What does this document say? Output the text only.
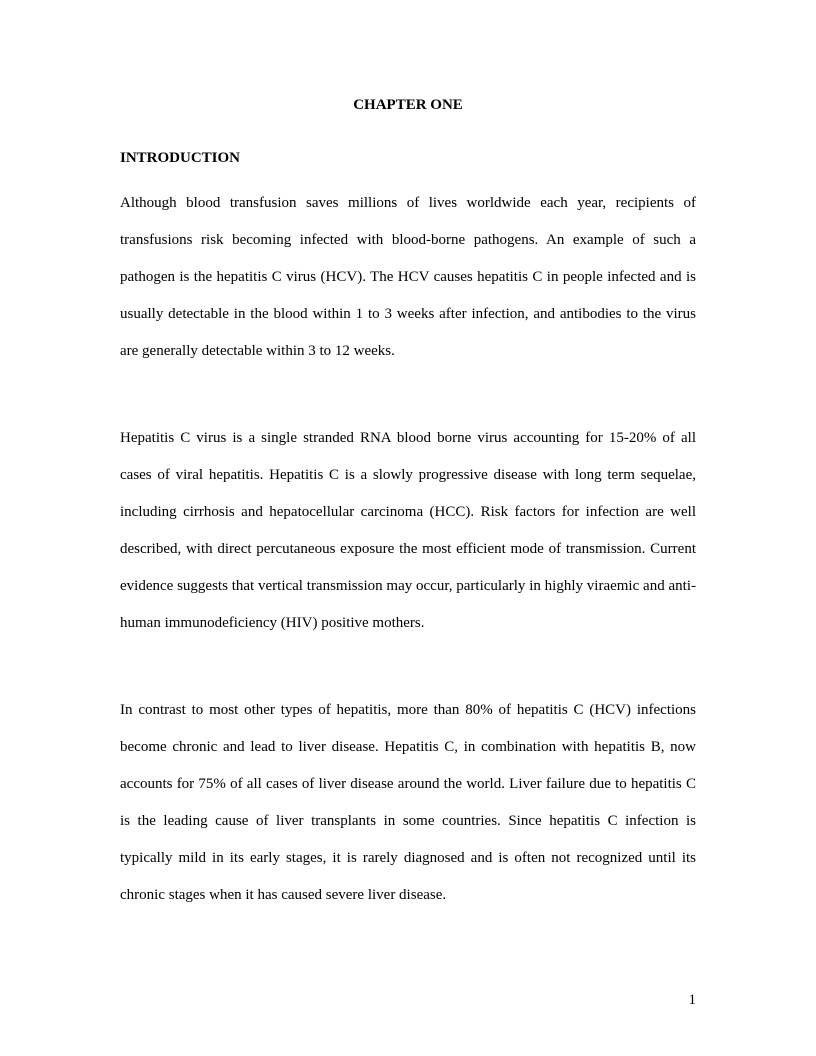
CHAPTER ONE
INTRODUCTION

Although blood transfusion saves millions of lives worldwide each year, recipients of transfusions risk becoming infected with blood-borne pathogens. An example of such a pathogen is the hepatitis C virus (HCV). The HCV causes hepatitis C in people infected and is usually detectable in the blood within 1 to 3 weeks after infection, and antibodies to the virus are generally detectable within 3 to 12 weeks.

Hepatitis C virus is a single stranded RNA blood borne virus accounting for 15-20% of all cases of viral hepatitis. Hepatitis C is a slowly progressive disease with long term sequelae, including cirrhosis and hepatocellular carcinoma (HCC). Risk factors for infection are well described, with direct percutaneous exposure the most efficient mode of transmission. Current evidence suggests that vertical transmission may occur, particularly in highly viraemic and anti-human immunodeficiency (HIV) positive mothers.

In contrast to most other types of hepatitis, more than 80% of hepatitis C (HCV) infections become chronic and lead to liver disease. Hepatitis C, in combination with hepatitis B, now accounts for 75% of all cases of liver disease around the world. Liver failure due to hepatitis C is the leading cause of liver transplants in some countries. Since hepatitis C infection is typically mild in its early stages, it is rarely diagnosed and is often not recognized until its chronic stages when it has caused severe liver disease.

1
